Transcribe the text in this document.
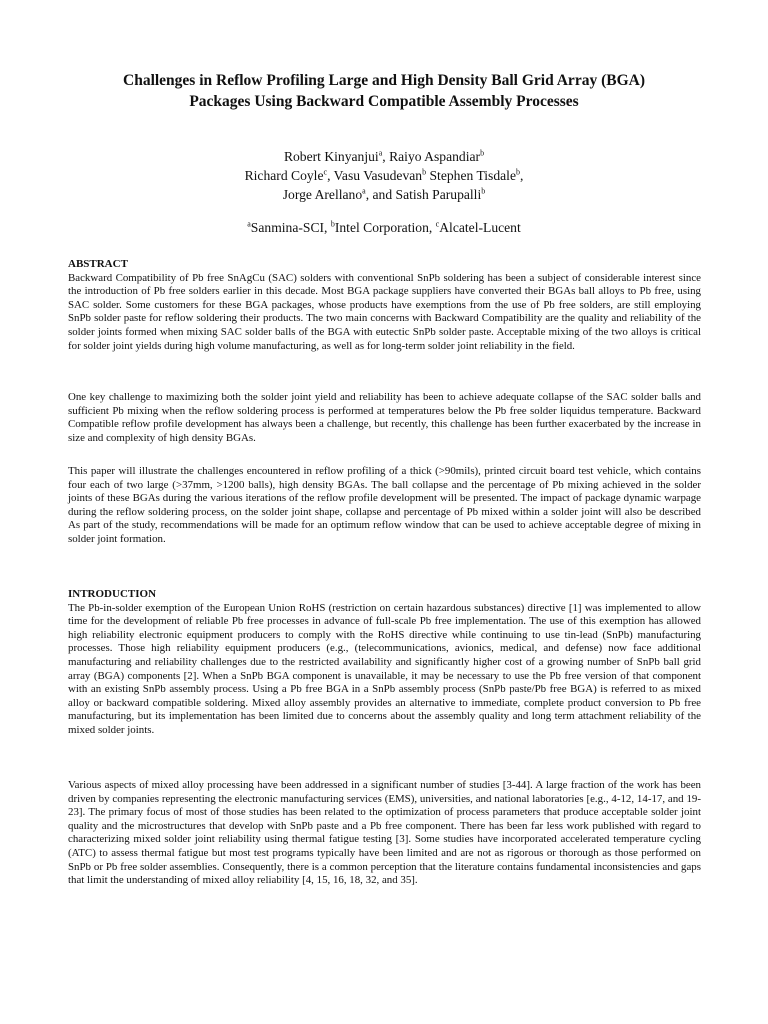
Challenges in Reflow Profiling Large and High Density Ball Grid Array (BGA)
Packages Using Backward Compatible Assembly Processes
Robert Kinyanjui$^a$, Raiyo Aspandiar$^b$
Richard Coyle$^c$, Vasu Vasudevan$^b$ Stephen Tisdale$^b$,
Jorge Arellano$^a$, and Satish Parupalli$^b$
$^a$Sanmina-SCI, $^b$Intel Corporation, $^c$Alcatel-Lucent
ABSTRACT

Backward Compatibility of Pb free SnAgCu (SAC) solders with conventional SnPb soldering has been a subject of considerable interest since the introduction of Pb free solders earlier in this decade. Most BGA package suppliers have converted their BGAs ball alloys to Pb free, using SAC solder. Some customers for these BGA packages, whose products have exemptions from the use of Pb free solders, are still employing SnPb solder paste for reflow soldering their products. The two main concerns with Backward Compatibility are the quality and reliability of the solder joints formed when mixing SAC solder balls of the BGA with eutectic SnPb solder paste. Acceptable mixing of the two alloys is critical for solder joint yields during high volume manufacturing, as well as for long-term solder joint reliability in the field.

One key challenge to maximizing both the solder joint yield and reliability has been to achieve adequate collapse of the SAC solder balls and sufficient Pb mixing when the reflow soldering process is performed at temperatures below the Pb free solder liquidus temperature. Backward Compatible reflow profile development has always been a challenge, but recently, this challenge has been further exacerbated by the increase in size and complexity of high density BGAs.

This paper will illustrate the challenges encountered in reflow profiling of a thick (>90mils), printed circuit board test vehicle, which contains four each of two large (>37mm, >1200 balls), high density BGAs. The ball collapse and the percentage of Pb mixing achieved in the solder joints of these BGAs during the various iterations of the reflow profile development will be presented. The impact of package dynamic warpage during the reflow soldering process, on the solder joint shape, collapse and percentage of Pb mixed within a solder joint will also be described As part of the study, recommendations will be made for an optimum reflow window that can be used to achieve acceptable degree of mixing in solder joint formation.

INTRODUCTION

The Pb-in-solder exemption of the European Union RoHS (restriction on certain hazardous substances) directive [1] was implemented to allow time for the development of reliable Pb free processes in advance of full-scale Pb free implementation. The use of this exemption has allowed high reliability electronic equipment producers to comply with the RoHS directive while continuing to use tin-lead (SnPb) manufacturing processes. Those high reliability equipment producers (e.g., (telecommunications, avionics, medical, and defense) now face additional manufacturing and reliability challenges due to the restricted availability and significantly higher cost of a growing number of SnPb ball grid array (BGA) components [2]. When a SnPb BGA component is unavailable, it may be necessary to use the Pb free version of that component with an existing SnPb assembly process. Using a Pb free BGA in a SnPb assembly process (SnPb paste/Pb free BGA) is referred to as mixed alloy or backward compatible soldering. Mixed alloy assembly provides an alternative to immediate, complete product conversion to Pb free manufacturing, but its implementation has been limited due to concerns about the assembly quality and long term attachment reliability of the mixed solder joints.

Various aspects of mixed alloy processing have been addressed in a significant number of studies [3-44]. A large fraction of the work has been driven by companies representing the electronic manufacturing services (EMS), universities, and national laboratories [e.g., 4-12, 14-17, and 19-23]. The primary focus of most of those studies has been related to the optimization of process parameters that produce acceptable solder joint quality and the microstructures that develop with SnPb paste and a Pb free component. There has been far less work published with regard to characterizing mixed solder joint reliability using thermal fatigue testing [3]. Some studies have incorporated accelerated temperature cycling (ATC) to assess thermal fatigue but most test programs typically have been limited and are not as rigorous or thorough as those performed on SnPb or Pb free solder assemblies. Consequently, there is a common perception that the literature contains fundamental inconsistencies and gaps that limit the understanding of mixed alloy reliability [4, 15, 16, 18, 32, and 35].
